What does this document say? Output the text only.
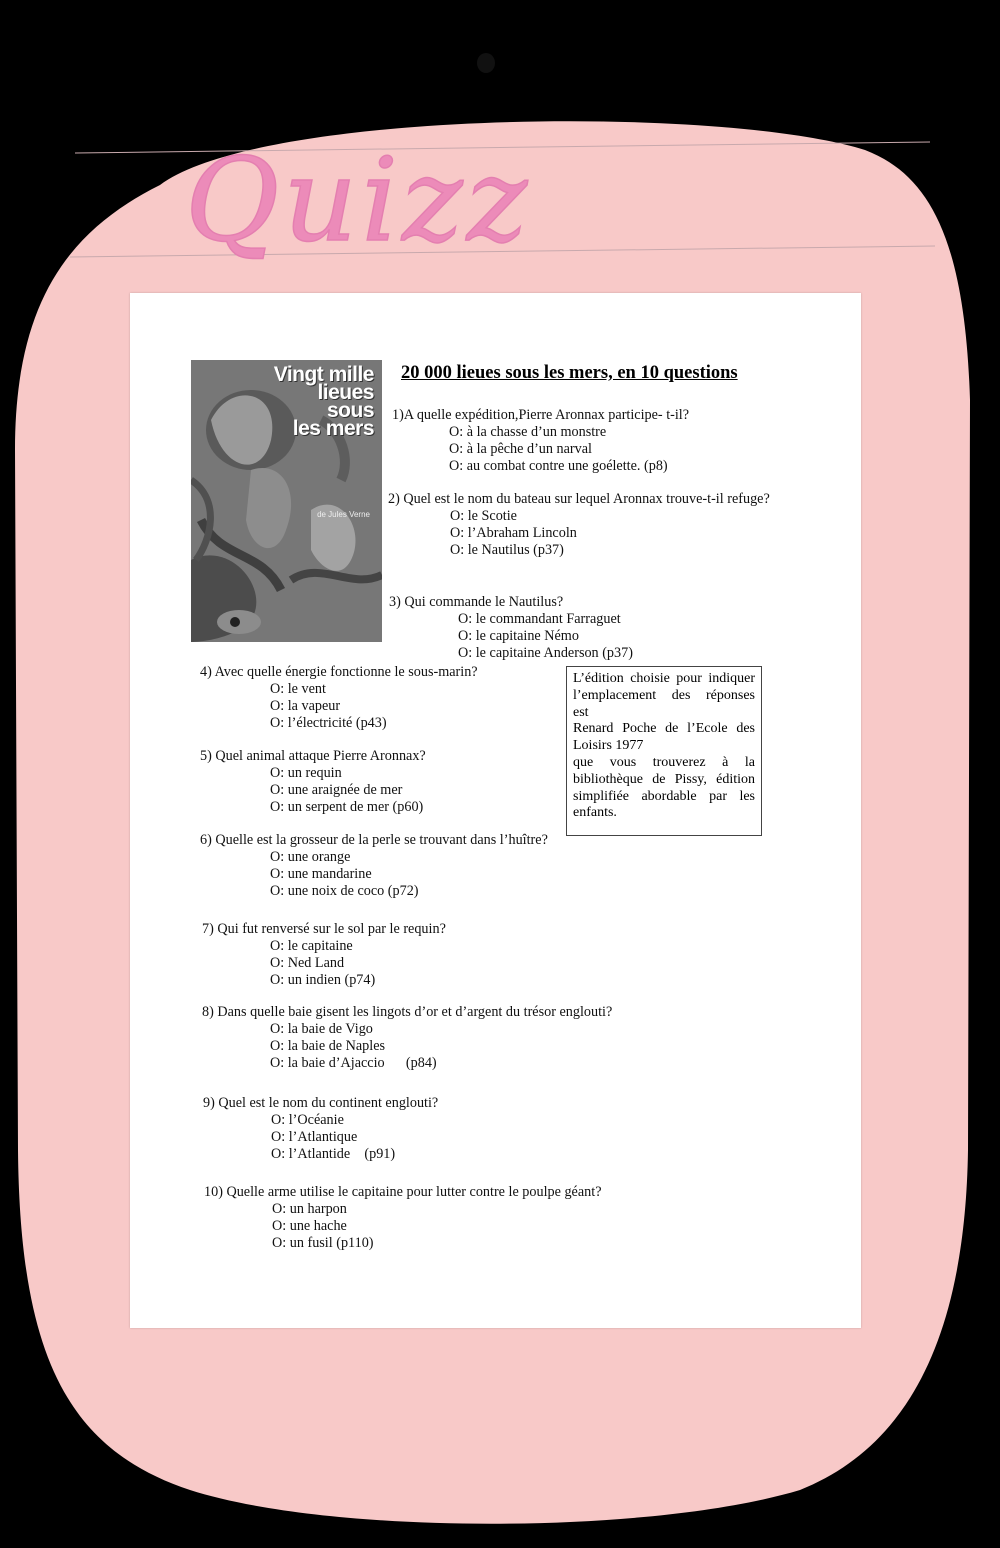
Quizz
Vingt mille
lieues
sous
les mers
de Jules Verne
20 000 lieues sous les mers, en 10 questions
1)A quelle expédition,Pierre Aronnax participe- t-il?
O: à la chasse d’un monstre
O: à la pêche d’un narval
O: au combat contre une goélette. (p8)
2) Quel est le nom du bateau sur lequel Aronnax trouve-t-il refuge?
O: le Scotie
O: l’Abraham Lincoln
O: le Nautilus (p37)
3) Qui commande le Nautilus?
O: le commandant Farraguet
O: le capitaine Némo
O: le capitaine Anderson (p37)
4) Avec quelle énergie fonctionne le sous-marin?
O: le vent
O: la vapeur
O: l’électricité (p43)
5) Quel animal attaque Pierre Aronnax?
O: un requin
O: une araignée de mer
O: un serpent de mer (p60)
6) Quelle est la grosseur de la perle se trouvant dans l’huître?
O: une orange
O: une mandarine
O: une noix de coco (p72)
7) Qui fut renversé sur le sol par le requin?
O: le capitaine
O: Ned Land
O: un indien (p74)
8) Dans quelle baie gisent les lingots d’or et d’argent du trésor englouti?
O: la baie de Vigo
O: la baie de Naples
O: la baie d’Ajaccio      (p84)
9) Quel est le nom du continent englouti?
O: l’Océanie
O: l’Atlantique
O: l’Atlantide    (p91)
10) Quelle arme utilise le capitaine pour lutter contre le poulpe géant?
O: un harpon
O: une hache
O: un fusil (p110)
L’édition choisie pour indiquer
l’emplacement des réponses
est
Renard Poche de l’Ecole des
Loisirs 1977
que vous trouverez à la
bibliothèque de Pissy, édition
simplifiée abordable par les
enfants.
